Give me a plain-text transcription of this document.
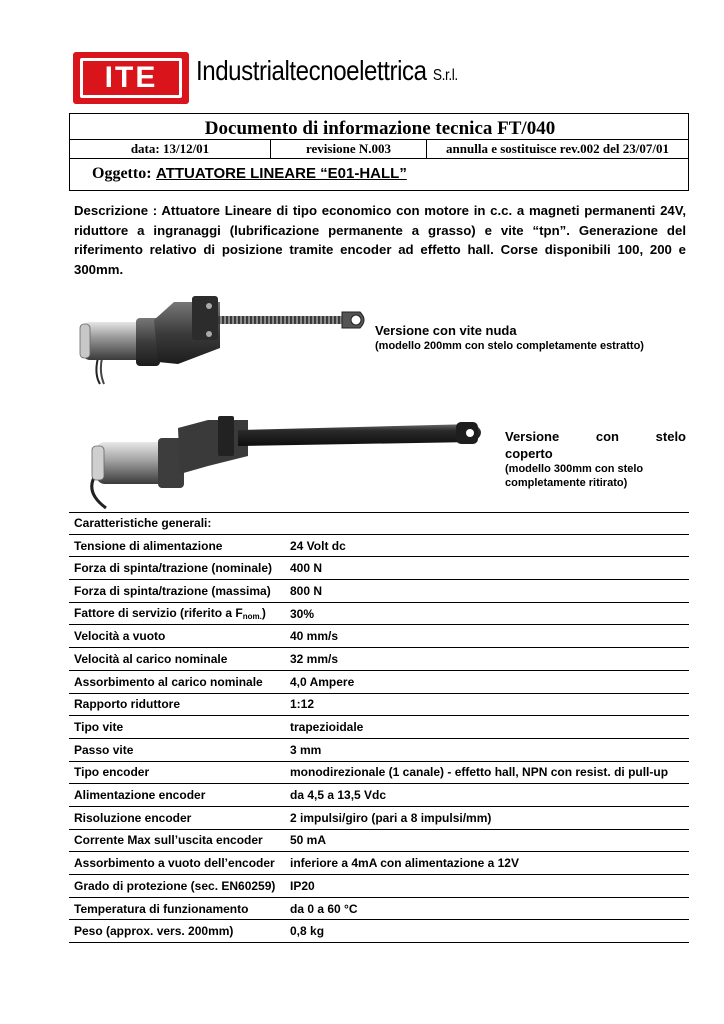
ITE Industrialtecnoelettrica S.r.l.
Documento di informazione tecnica FT/040
data: 13/12/01	revisione N.003	annulla e sostituisce rev.002 del 23/07/01
Oggetto: ATTUATORE LINEARE “E01-HALL”
Descrizione : Attuatore Lineare di tipo economico con motore in c.c. a magneti permanenti 24V, riduttore a ingranaggi (lubrificazione permanente a grasso) e vite “tpn”. Generazione del riferimento relativo di posizione tramite encoder ad effetto hall. Corse disponibili 100, 200 e 300mm.
Versione con vite nuda
(modello 200mm con stelo completamente estratto)
Versione con stelo
coperto
(modello 300mm con stelo
completamente ritirato)
Caratteristiche generali:
Tensione di alimentazione	24 Volt dc
Forza di spinta/trazione (nominale)	400 N
Forza di spinta/trazione (massima)	800 N
Fattore di servizio (riferito a $F_{nom.}$)	30%
Velocità a vuoto	40 mm/s
Velocità al carico nominale	32 mm/s
Assorbimento al carico nominale	4,0 Ampere
Rapporto riduttore	1:12
Tipo vite	trapezioidale
Passo vite	3 mm
Tipo encoder	monodirezionale (1 canale) - effetto hall, NPN con resist. di pull-up
Alimentazione encoder	da 4,5 a 13,5 Vdc
Risoluzione encoder	2 impulsi/giro (pari a 8 impulsi/mm)
Corrente Max sull’uscita encoder	50 mA
Assorbimento a vuoto dell’encoder	inferiore a 4mA con alimentazione a 12V
Grado di protezione (sec. EN60259)	IP20
Temperatura di funzionamento	da 0 a 60 °C
Peso (approx. vers. 200mm)	0,8 kg
